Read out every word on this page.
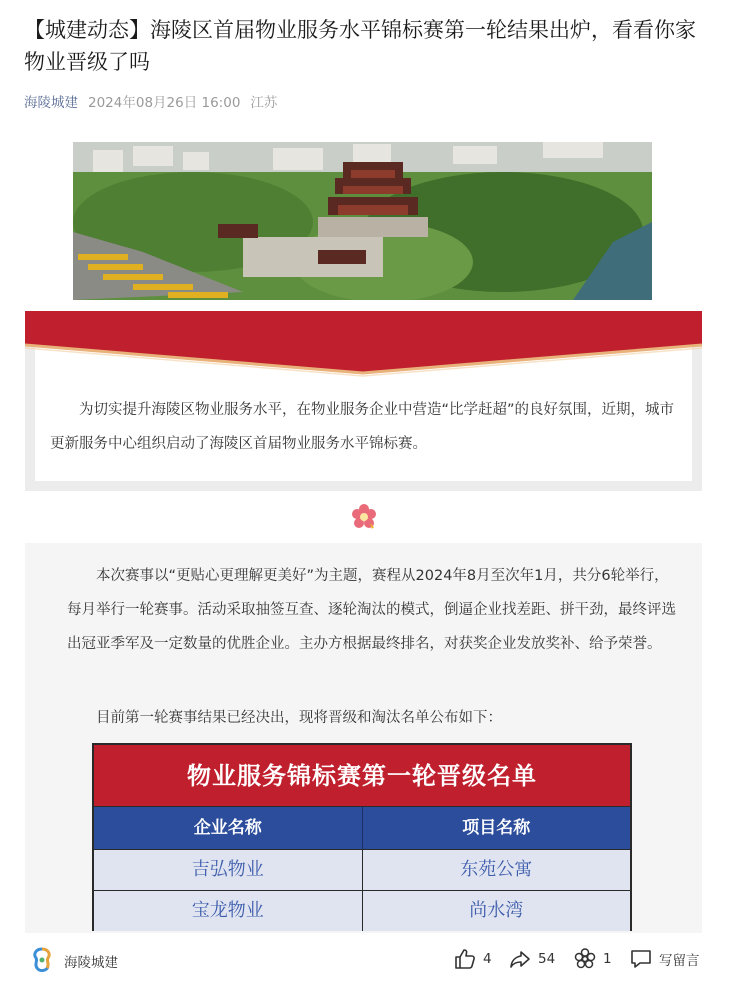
【城建动态】海陵区首届物业服务水平锦标赛第一轮结果出炉，看看你家物业晋级了吗
海陵城建 2024年08月26日 16:00 江苏
为切实提升海陵区物业服务水平，在物业服务企业中营造“比学赶超”的良好氛围，近期，城市更新服务中心组织启动了海陵区首届物业服务水平锦标赛。
本次赛事以“更贴心更理解更美好”为主题，赛程从2024年8月至次年1月，共分6轮举行，每月举行一轮赛事。活动采取抽签互查、逐轮淘汰的模式，倒逼企业找差距、拼干劲，最终评选出冠亚季军及一定数量的优胜企业。主办方根据最终排名，对获奖企业发放奖补、给予荣誉。
目前第一轮赛事结果已经决出，现将晋级和淘汰名单公布如下：
物业服务锦标赛第一轮晋级名单
企业名称	项目名称
吉弘物业	东苑公寓
宝龙物业	尚水湾
海陵城建	4	54	1	写留言
